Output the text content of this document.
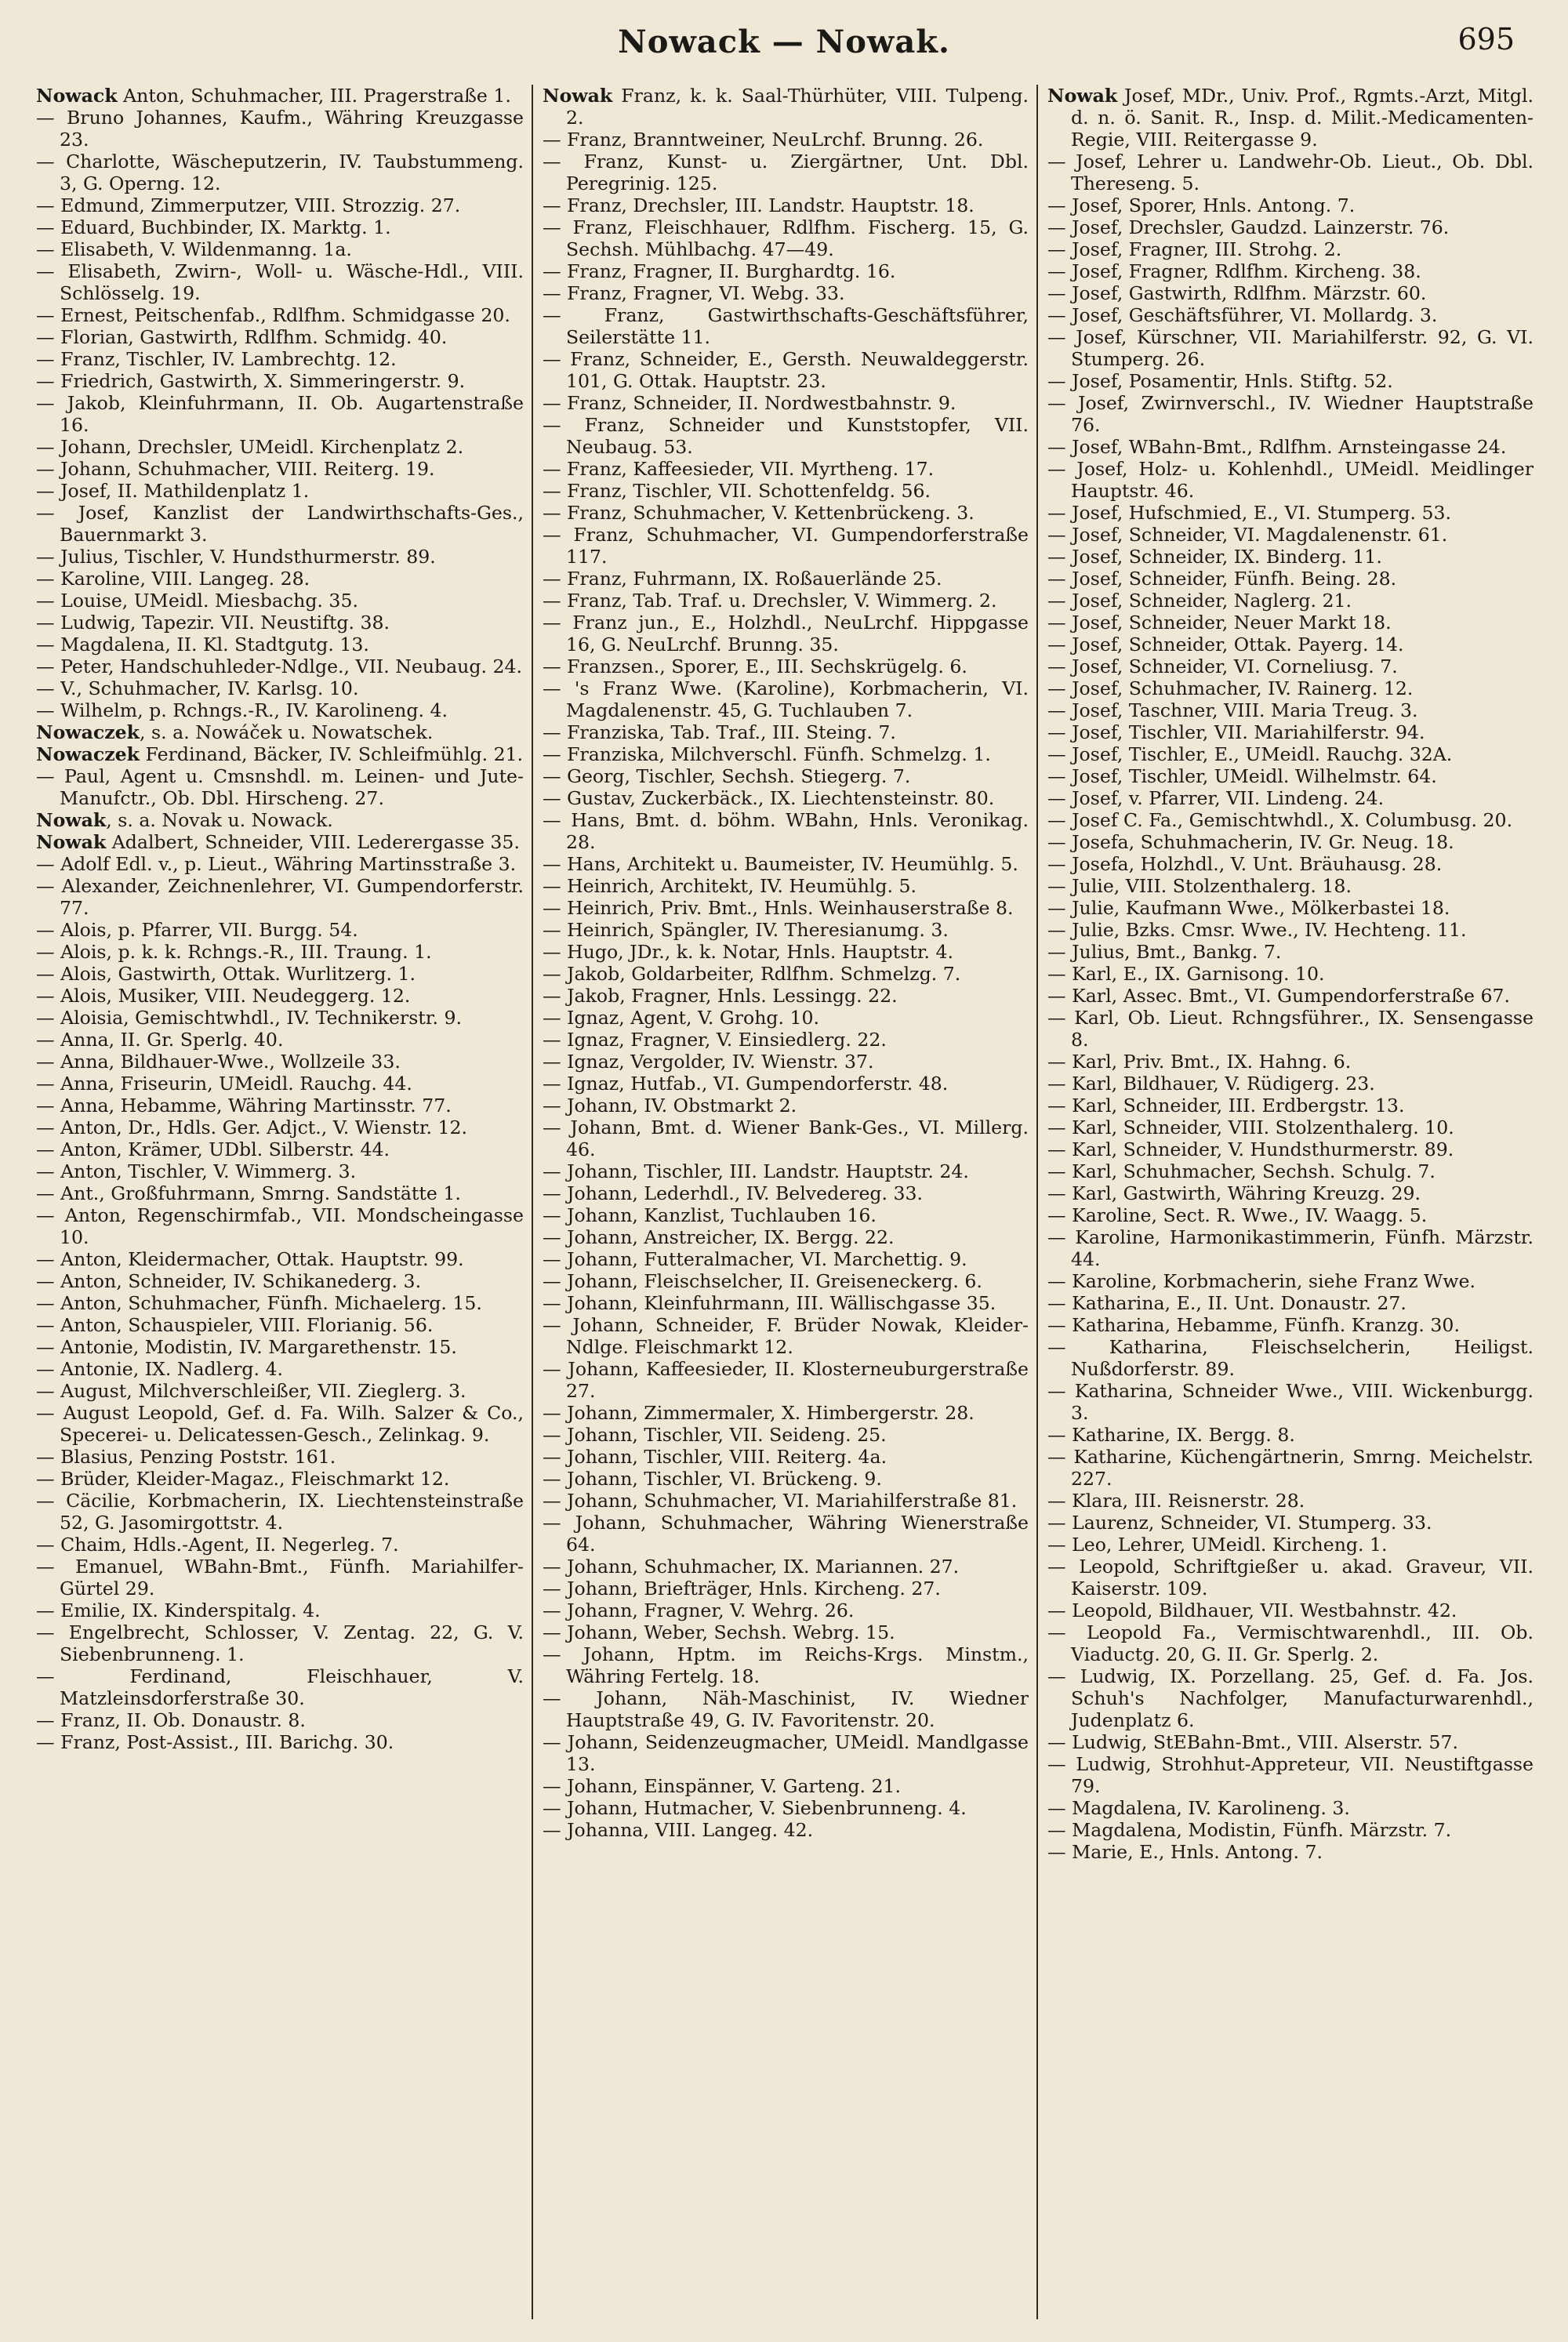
Nowack — Nowak.	695

Nowack Anton, Schuhmacher, III. Pragerstraße 1.

— Bruno Johannes, Kaufm., Währing Kreuzgasse 23.

— Charlotte, Wäscheputzerin, IV. Taubstummeng. 3, G. Operng. 12.

— Edmund, Zimmerputzer, VIII. Strozzig. 27.

— Eduard, Buchbinder, IX. Marktg. 1.

— Elisabeth, V. Wildenmanng. 1a.

— Elisabeth, Zwirn-, Woll- u. Wäsche-Hdl., VIII. Schlösselg. 19.

— Ernest, Peitschenfab., Rdlfhm. Schmidgasse 20.

— Florian, Gastwirth, Rdlfhm. Schmidg. 40.

— Franz, Tischler, IV. Lambrechtg. 12.

— Friedrich, Gastwirth, X. Simmeringerstr. 9.

— Jakob, Kleinfuhrmann, II. Ob. Augartenstraße 16.

— Johann, Drechsler, UMeidl. Kirchenplatz 2.

— Johann, Schuhmacher, VIII. Reiterg. 19.

— Josef, II. Mathildenplatz 1.

— Josef, Kanzlist der Landwirthschafts-Ges., Bauernmarkt 3.

— Julius, Tischler, V. Hundsthurmerstr. 89.

— Karoline, VIII. Langeg. 28.

— Louise, UMeidl. Miesbachg. 35.

— Ludwig, Tapezir. VII. Neustiftg. 38.

— Magdalena, II. Kl. Stadtgutg. 13.

— Peter, Handschuhleder-Ndlge., VII. Neubaug. 24.

— V., Schuhmacher, IV. Karlsg. 10.

— Wilhelm, p. Rchngs.-R., IV. Karolineng. 4.

Nowaczek, s. a. Nowáček u. Nowatschek.

Nowaczek Ferdinand, Bäcker, IV. Schleifmühlg. 21.

— Paul, Agent u. Cmsnshdl. m. Leinen- und Jute-Manufctr., Ob. Dbl. Hirscheng. 27.

Nowak, s. a. Novak u. Nowack.

Nowak Adalbert, Schneider, VIII. Lederergasse 35.

— Adolf Edl. v., p. Lieut., Währing Martinsstraße 3.

— Alexander, Zeichnenlehrer, VI. Gumpendorferstr. 77.

— Alois, p. Pfarrer, VII. Burgg. 54.

— Alois, p. k. k. Rchngs.-R., III. Traung. 1.

— Alois, Gastwirth, Ottak. Wurlitzerg. 1.

— Alois, Musiker, VIII. Neudeggerg. 12.

— Aloisia, Gemischtwhdl., IV. Technikerstr. 9.

— Anna, II. Gr. Sperlg. 40.

— Anna, Bildhauer-Wwe., Wollzeile 33.

— Anna, Friseurin, UMeidl. Rauchg. 44.

— Anna, Hebamme, Währing Martinsstr. 77.

— Anton, Dr., Hdls. Ger. Adjct., V. Wienstr. 12.

— Anton, Krämer, UDbl. Silberstr. 44.

— Anton, Tischler, V. Wimmerg. 3.

— Ant., Großfuhrmann, Smrng. Sandstätte 1.

— Anton, Regenschirmfab., VII. Mondscheingasse 10.

— Anton, Kleidermacher, Ottak. Hauptstr. 99.

— Anton, Schneider, IV. Schikanederg. 3.

— Anton, Schuhmacher, Fünfh. Michaelerg. 15.

— Anton, Schauspieler, VIII. Florianig. 56.

— Antonie, Modistin, IV. Margarethenstr. 15.

— Antonie, IX. Nadlerg. 4.

— August, Milchverschleißer, VII. Zieglerg. 3.

— August Leopold, Gef. d. Fa. Wilh. Salzer & Co., Specerei- u. Delicatessen-Gesch., Zelinkag. 9.

— Blasius, Penzing Poststr. 161.

— Brüder, Kleider-Magaz., Fleischmarkt 12.

— Cäcilie, Korbmacherin, IX. Liechtensteinstraße 52, G. Jasomirgottstr. 4.

— Chaim, Hdls.-Agent, II. Negerleg. 7.

— Emanuel, WBahn-Bmt., Fünfh. Mariahilfer-Gürtel 29.

— Emilie, IX. Kinderspitalg. 4.

— Engelbrecht, Schlosser, V. Zentag. 22, G. V. Siebenbrunneng. 1.

— Ferdinand, Fleischhauer, V. Matzleinsdorferstraße 30.

— Franz, II. Ob. Donaustr. 8.

— Franz, Post-Assist., III. Barichg. 30.

Nowak Franz, k. k. Saal-Thürhüter, VIII. Tulpeng. 2.

— Franz, Branntweiner, NeuLrchf. Brunng. 26.

— Franz, Kunst- u. Ziergärtner, Unt. Dbl. Peregrinig. 125.

— Franz, Drechsler, III. Landstr. Hauptstr. 18.

— Franz, Fleischhauer, Rdlfhm. Fischerg. 15, G. Sechsh. Mühlbachg. 47—49.

— Franz, Fragner, II. Burghardtg. 16.

— Franz, Fragner, VI. Webg. 33.

— Franz, Gastwirthschafts-Geschäftsführer, Seilerstätte 11.

— Franz, Schneider, E., Gersth. Neuwaldeggerstr. 101, G. Ottak. Hauptstr. 23.

— Franz, Schneider, II. Nordwestbahnstr. 9.

— Franz, Schneider und Kunststopfer, VII. Neubaug. 53.

— Franz, Kaffeesieder, VII. Myrtheng. 17.

— Franz, Tischler, VII. Schottenfeldg. 56.

— Franz, Schuhmacher, V. Kettenbrückeng. 3.

— Franz, Schuhmacher, VI. Gumpendorferstraße 117.

— Franz, Fuhrmann, IX. Roßauerlände 25.

— Franz, Tab. Traf. u. Drechsler, V. Wimmerg. 2.

— Franz jun., E., Holzhdl., NeuLrchf. Hippgasse 16, G. NeuLrchf. Brunng. 35.

— Franzsen., Sporer, E., III. Sechskrügelg. 6.

— 's Franz Wwe. (Karoline), Korbmacherin, VI. Magdalenenstr. 45, G. Tuchlauben 7.

— Franziska, Tab. Traf., III. Steing. 7.

— Franziska, Milchverschl. Fünfh. Schmelzg. 1.

— Georg, Tischler, Sechsh. Stiegerg. 7.

— Gustav, Zuckerbäck., IX. Liechtensteinstr. 80.

— Hans, Bmt. d. böhm. WBahn, Hnls. Veronikag. 28.

— Hans, Architekt u. Baumeister, IV. Heumühlg. 5.

— Heinrich, Architekt, IV. Heumühlg. 5.

— Heinrich, Priv. Bmt., Hnls. Weinhauserstraße 8.

— Heinrich, Spängler, IV. Theresianumg. 3.

— Hugo, JDr., k. k. Notar, Hnls. Hauptstr. 4.

— Jakob, Goldarbeiter, Rdlfhm. Schmelzg. 7.

— Jakob, Fragner, Hnls. Lessingg. 22.

— Ignaz, Agent, V. Grohg. 10.

— Ignaz, Fragner, V. Einsiedlerg. 22.

— Ignaz, Vergolder, IV. Wienstr. 37.

— Ignaz, Hutfab., VI. Gumpendorferstr. 48.

— Johann, IV. Obstmarkt 2.

— Johann, Bmt. d. Wiener Bank-Ges., VI. Millerg. 46.

— Johann, Tischler, III. Landstr. Hauptstr. 24.

— Johann, Lederhdl., IV. Belvedereg. 33.

— Johann, Kanzlist, Tuchlauben 16.

— Johann, Anstreicher, IX. Bergg. 22.

— Johann, Futteralmacher, VI. Marchettig. 9.

— Johann, Fleischselcher, II. Greiseneckerg. 6.

— Johann, Kleinfuhrmann, III. Wällischgasse 35.

— Johann, Schneider, F. Brüder Nowak, Kleider-Ndlge. Fleischmarkt 12.

— Johann, Kaffeesieder, II. Klosterneuburgerstraße 27.

— Johann, Zimmermaler, X. Himbergerstr. 28.

— Johann, Tischler, VII. Seideng. 25.

— Johann, Tischler, VIII. Reiterg. 4a.

— Johann, Tischler, VI. Brückeng. 9.

— Johann, Schuhmacher, VI. Mariahilferstraße 81.

— Johann, Schuhmacher, Währing Wienerstraße 64.

— Johann, Schuhmacher, IX. Mariannen. 27.

— Johann, Briefträger, Hnls. Kircheng. 27.

— Johann, Fragner, V. Wehrg. 26.

— Johann, Weber, Sechsh. Webrg. 15.

— Johann, Hptm. im Reichs-Krgs. Minstm., Währing Fertelg. 18.

— Johann, Näh-Maschinist, IV. Wiedner Hauptstraße 49, G. IV. Favoritenstr. 20.

— Johann, Seidenzeugmacher, UMeidl. Mandlgasse 13.

— Johann, Einspänner, V. Garteng. 21.

— Johann, Hutmacher, V. Siebenbrunneng. 4.

— Johanna, VIII. Langeg. 42.

Nowak Josef, MDr., Univ. Prof., Rgmts.-Arzt, Mitgl. d. n. ö. Sanit. R., Insp. d. Milit.-Medicamenten-Regie, VIII. Reitergasse 9.

— Josef, Lehrer u. Landwehr-Ob. Lieut., Ob. Dbl. Thereseng. 5.

— Josef, Sporer, Hnls. Antong. 7.

— Josef, Drechsler, Gaudzd. Lainzerstr. 76.

— Josef, Fragner, III. Strohg. 2.

— Josef, Fragner, Rdlfhm. Kircheng. 38.

— Josef, Gastwirth, Rdlfhm. Märzstr. 60.

— Josef, Geschäftsführer, VI. Mollardg. 3.

— Josef, Kürschner, VII. Mariahilferstr. 92, G. VI. Stumperg. 26.

— Josef, Posamentir, Hnls. Stiftg. 52.

— Josef, Zwirnverschl., IV. Wiedner Hauptstraße 76.

— Josef, WBahn-Bmt., Rdlfhm. Arnsteingasse 24.

— Josef, Holz- u. Kohlenhdl., UMeidl. Meidlinger Hauptstr. 46.

— Josef, Hufschmied, E., VI. Stumperg. 53.

— Josef, Schneider, VI. Magdalenenstr. 61.

— Josef, Schneider, IX. Binderg. 11.

— Josef, Schneider, Fünfh. Being. 28.

— Josef, Schneider, Naglerg. 21.

— Josef, Schneider, Neuer Markt 18.

— Josef, Schneider, Ottak. Payerg. 14.

— Josef, Schneider, VI. Corneliusg. 7.

— Josef, Schuhmacher, IV. Rainerg. 12.

— Josef, Taschner, VIII. Maria Treug. 3.

— Josef, Tischler, VII. Mariahilferstr. 94.

— Josef, Tischler, E., UMeidl. Rauchg. 32A.

— Josef, Tischler, UMeidl. Wilhelmstr. 64.

— Josef, v. Pfarrer, VII. Lindeng. 24.

— Josef C. Fa., Gemischtwhdl., X. Columbusg. 20.

— Josefa, Schuhmacherin, IV. Gr. Neug. 18.

— Josefa, Holzhdl., V. Unt. Bräuhausg. 28.

— Julie, VIII. Stolzenthalerg. 18.

— Julie, Kaufmann Wwe., Mölkerbastei 18.

— Julie, Bzks. Cmsr. Wwe., IV. Hechteng. 11.

— Julius, Bmt., Bankg. 7.

— Karl, E., IX. Garnisong. 10.

— Karl, Assec. Bmt., VI. Gumpendorferstraße 67.

— Karl, Ob. Lieut. Rchngsführer., IX. Sensengasse 8.

— Karl, Priv. Bmt., IX. Hahng. 6.

— Karl, Bildhauer, V. Rüdigerg. 23.

— Karl, Schneider, III. Erdbergstr. 13.

— Karl, Schneider, VIII. Stolzenthalerg. 10.

— Karl, Schneider, V. Hundsthurmerstr. 89.

— Karl, Schuhmacher, Sechsh. Schulg. 7.

— Karl, Gastwirth, Währing Kreuzg. 29.

— Karoline, Sect. R. Wwe., IV. Waagg. 5.

— Karoline, Harmonikastimmerin, Fünfh. Märzstr. 44.

— Karoline, Korbmacherin, siehe Franz Wwe.

— Katharina, E., II. Unt. Donaustr. 27.

— Katharina, Hebamme, Fünfh. Kranzg. 30.

— Katharina, Fleischselcherin, Heiligst. Nußdorferstr. 89.

— Katharina, Schneider Wwe., VIII. Wickenburgg. 3.

— Katharine, IX. Bergg. 8.

— Katharine, Küchengärtnerin, Smrng. Meichelstr. 227.

— Klara, III. Reisnerstr. 28.

— Laurenz, Schneider, VI. Stumperg. 33.

— Leo, Lehrer, UMeidl. Kircheng. 1.

— Leopold, Schriftgießer u. akad. Graveur, VII. Kaiserstr. 109.

— Leopold, Bildhauer, VII. Westbahnstr. 42.

— Leopold Fa., Vermischtwarenhdl., III. Ob. Viaductg. 20, G. II. Gr. Sperlg. 2.

— Ludwig, IX. Porzellang. 25, Gef. d. Fa. Jos. Schuh's Nachfolger, Manufacturwarenhdl., Judenplatz 6.

— Ludwig, StEBahn-Bmt., VIII. Alserstr. 57.

— Ludwig, Strohhut-Appreteur, VII. Neustiftgasse 79.

— Magdalena, IV. Karolineng. 3.

— Magdalena, Modistin, Fünfh. Märzstr. 7.

— Marie, E., Hnls. Antong. 7.
